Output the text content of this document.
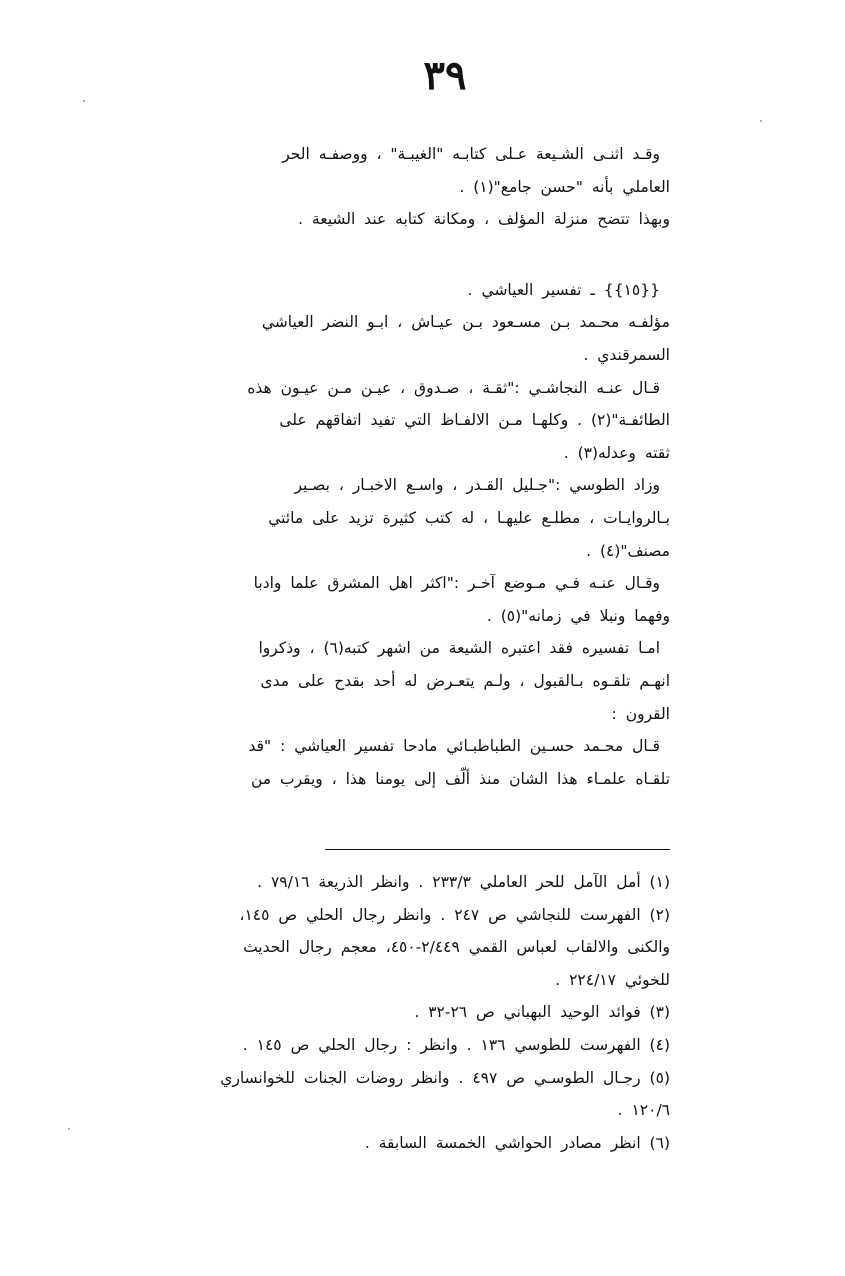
٣٩
وقـد اثنـى الشـيعة عـلى كتابـه "الغيبـة" ، ووصفـه الحر
العاملي بأنه "حسن جامع"(١) .
وبهذا تتضح منزلة المؤلف ، ومكانة كتابه عند الشيعة .
{{١٥}} ـ تفسير العياشي .
مؤلفـه محـمد بـن مسـعود بـن عيـاش ، ابـو النضر العياشي
السمرقندي .
قـال عنـه النجاشـي :"ثقـة ، صـدوق ، عيـن مـن عيـون هذه
الطائفـة"(٢) . وكلهـا مـن الالفـاظ التي تفيد اتفاقهم على
ثقته وعدله(٣) .
وزاد الطوسي :"جـليل القـدر ، واسـع الاخبـار ، بصـير
بـالروايـات ، مطلـع عليهـا ، له كتب كثيرة تزيد على مائتي
مصنف"(٤) .
وقـال عنـه فـي مـوضع آخـر :"اكثر اهل المشرق علما وادبا
وفهما ونبلا في زمانه"(٥) .
امـا تفسيره فقد اعتبره الشيعة من اشهر كتبه(٦) ، وذكروا
انهـم تلقـوه بـالقبول ، ولـم يتعـرض له أحد بقدح على مدى
القرون :
قـال محـمد حسـين الطباطبـائي مادحا تفسير العياشي : "قد
تلقـاه علمـاء هذا الشان منذ ألّف إلى يومنا هذا ، ويقرب من
(١) أمل الآمل للحر العاملي ٢٣٣/٣ . وانظر الذريعة ٧٩/١٦ .
(٢) الفهرست للنجاشي ص ٢٤٧ . وانظر رجال الحلي ص ١٤٥،
والكنى والالقاب لعباس القمي ٢/٤٤٩-٤٥٠، معجم رجال الحديث
للخوئي ٢٢٤/١٧ .
(٣) فوائد الوحيد البهباني ص ٢٦-٣٢ .
(٤) الفهرست للطوسي ١٣٦ . وانظر : رجال الحلي ص ١٤٥ .
(٥) رجـال الطوسـي ص ٤٩٧ . وانظر روضات الجنات للخوانساري
١٢٠/٦ .
(٦) انظر مصادر الحواشي الخمسة السابقة .
